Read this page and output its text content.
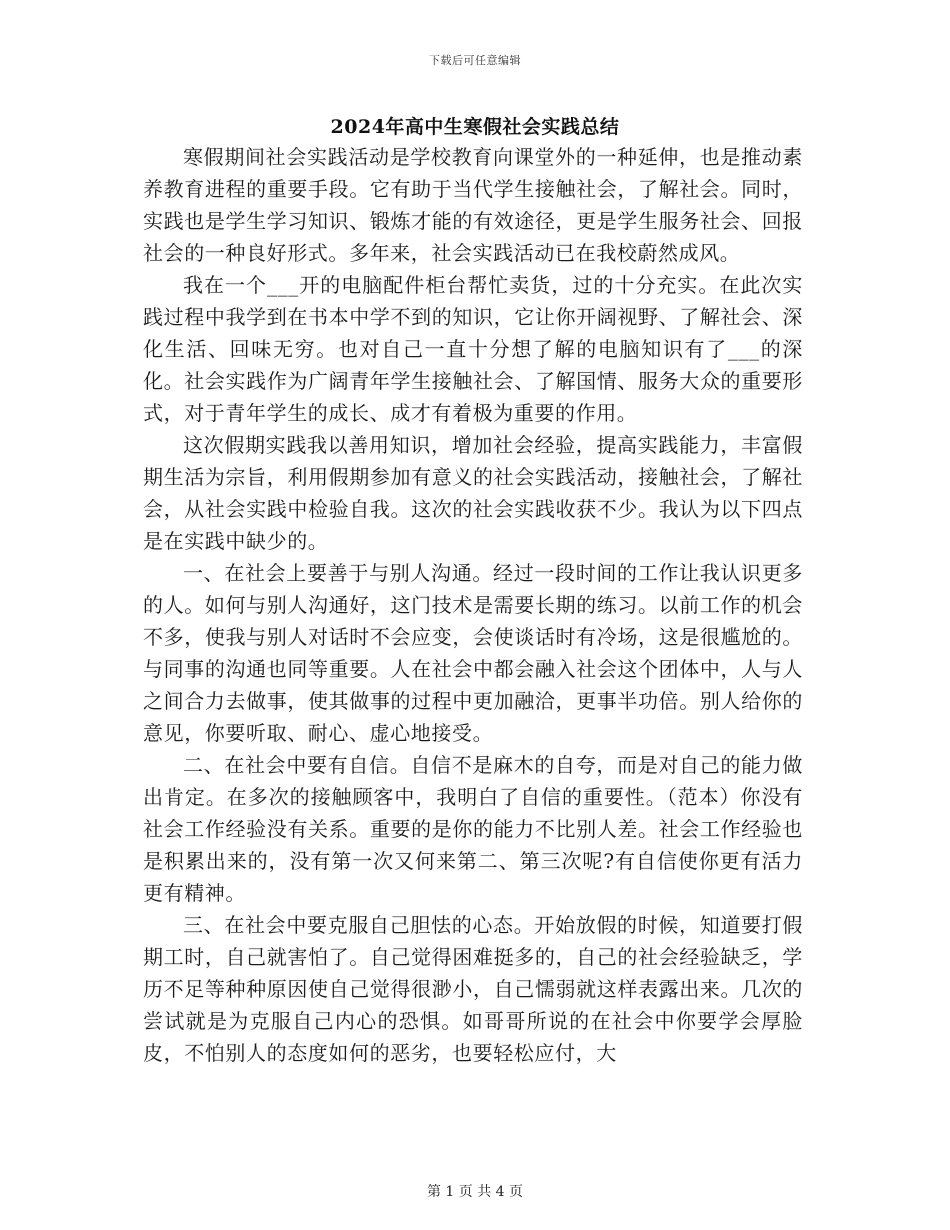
下载后可任意编辑
2024年高中生寒假社会实践总结

寒假期间社会实践活动是学校教育向课堂外的一种延伸，也是推动素养教育进程的重要手段。它有助于当代学生接触社会，了解社会。同时，实践也是学生学习知识、锻炼才能的有效途径，更是学生服务社会、回报社会的一种良好形式。多年来，社会实践活动已在我校蔚然成风。

我在一个___开的电脑配件柜台帮忙卖货，过的十分充实。在此次实践过程中我学到在书本中学不到的知识，它让你开阔视野、了解社会、深化生活、回味无穷。也对自己一直十分想了解的电脑知识有了___的深化。社会实践作为广阔青年学生接触社会、了解国情、服务大众的重要形式，对于青年学生的成长、成才有着极为重要的作用。

这次假期实践我以善用知识，增加社会经验，提高实践能力，丰富假期生活为宗旨，利用假期参加有意义的社会实践活动，接触社会，了解社会，从社会实践中检验自我。这次的社会实践收获不少。我认为以下四点是在实践中缺少的。

一、在社会上要善于与别人沟通。经过一段时间的工作让我认识更多的人。如何与别人沟通好，这门技术是需要长期的练习。以前工作的机会不多，使我与别人对话时不会应变，会使谈话时有冷场，这是很尴尬的。与同事的沟通也同等重要。人在社会中都会融入社会这个团体中，人与人之间合力去做事，使其做事的过程中更加融洽，更事半功倍。别人给你的意见，你要听取、耐心、虚心地接受。

二、在社会中要有自信。自信不是麻木的自夸，而是对自己的能力做出肯定。在多次的接触顾客中，我明白了自信的重要性。（范本）你没有社会工作经验没有关系。重要的是你的能力不比别人差。社会工作经验也是积累出来的，没有第一次又何来第二、第三次呢?有自信使你更有活力更有精神。

三、在社会中要克服自己胆怯的心态。开始放假的时候，知道要打假期工时，自己就害怕了。自己觉得困难挺多的，自己的社会经验缺乏，学历不足等种种原因使自己觉得很渺小，自己懦弱就这样表露出来。几次的尝试就是为克服自己内心的恐惧。如哥哥所说的在社会中你要学会厚脸皮，不怕别人的态度如何的恶劣，也要轻松应付，大

第 1 页 共 4 页
